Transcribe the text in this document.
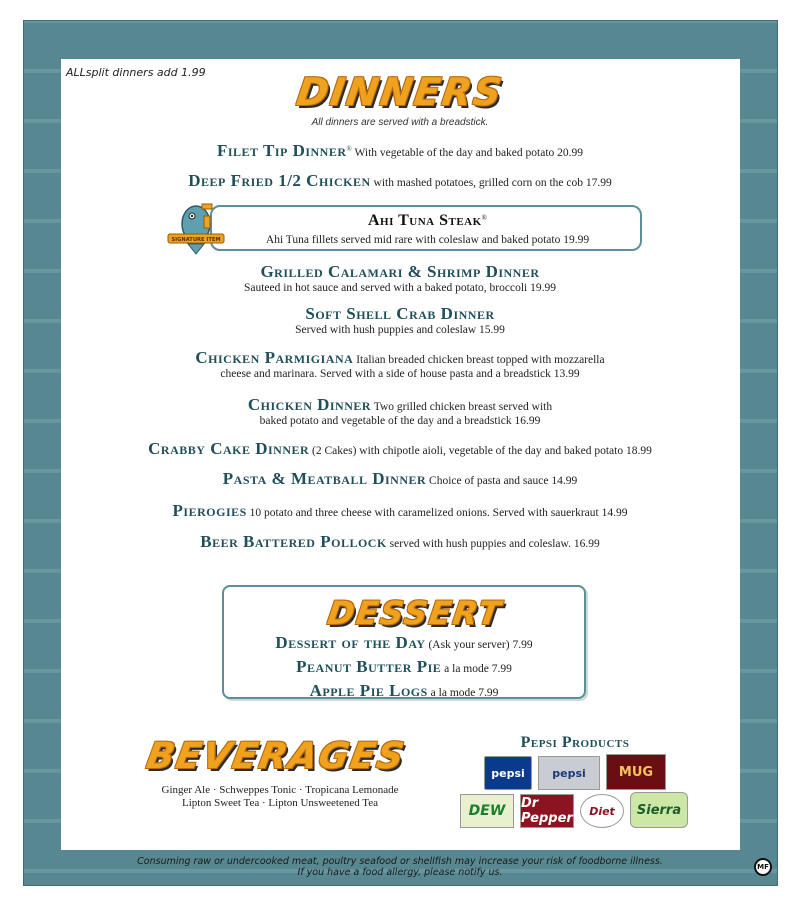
ALLsplit dinners add 1.99 DINNERS
All dinners are served with a breadstick.
Filet Tip Dinner® With vegetable of the day and baked potato 20.99
Deep Fried 1/2 Chicken with mashed potatoes, grilled corn on the cob 17.99
SIGNATURE ITEM
Ahi Tuna Steak®
Ahi Tuna fillets served mid rare with coleslaw and baked potato 19.99
Grilled Calamari & Shrimp Dinner
Sauteed in hot sauce and served with a baked potato, broccoli 19.99
Soft Shell Crab Dinner
Served with hush puppies and coleslaw 15.99
Chicken Parmigiana Italian breaded chicken breast topped with mozzarella
cheese and marinara. Served with a side of house pasta and a breadstick 13.99
Chicken Dinner Two grilled chicken breast served with
baked potato and vegetable of the day and a breadstick 16.99
Crabby Cake Dinner (2 Cakes) with chipotle aioli, vegetable of the day and baked potato 18.99
Pasta & Meatball Dinner Choice of pasta and sauce 14.99
Pierogies 10 potato and three cheese with caramelized onions. Served with sauerkraut 14.99
Beer Battered Pollock served with hush puppies and coleslaw. 16.99
DESSERT
Dessert of the Day (Ask your server) 7.99
Peanut Butter Pie a la mode 7.99
Apple Pie Logs a la mode 7.99
BEVERAGES
Ginger Ale · Schweppes Tonic · Tropicana Lemonade
Lipton Sweet Tea · Lipton Unsweetened Tea
Pepsi Products
pepsi	pepsi	MUG
DEW	Dr Pepper	Diet	Sierra
Consuming raw or undercooked meat, poultry seafood or shellfish may increase your risk of foodborne illness.
If you have a food allergy, please notify us.	MF
